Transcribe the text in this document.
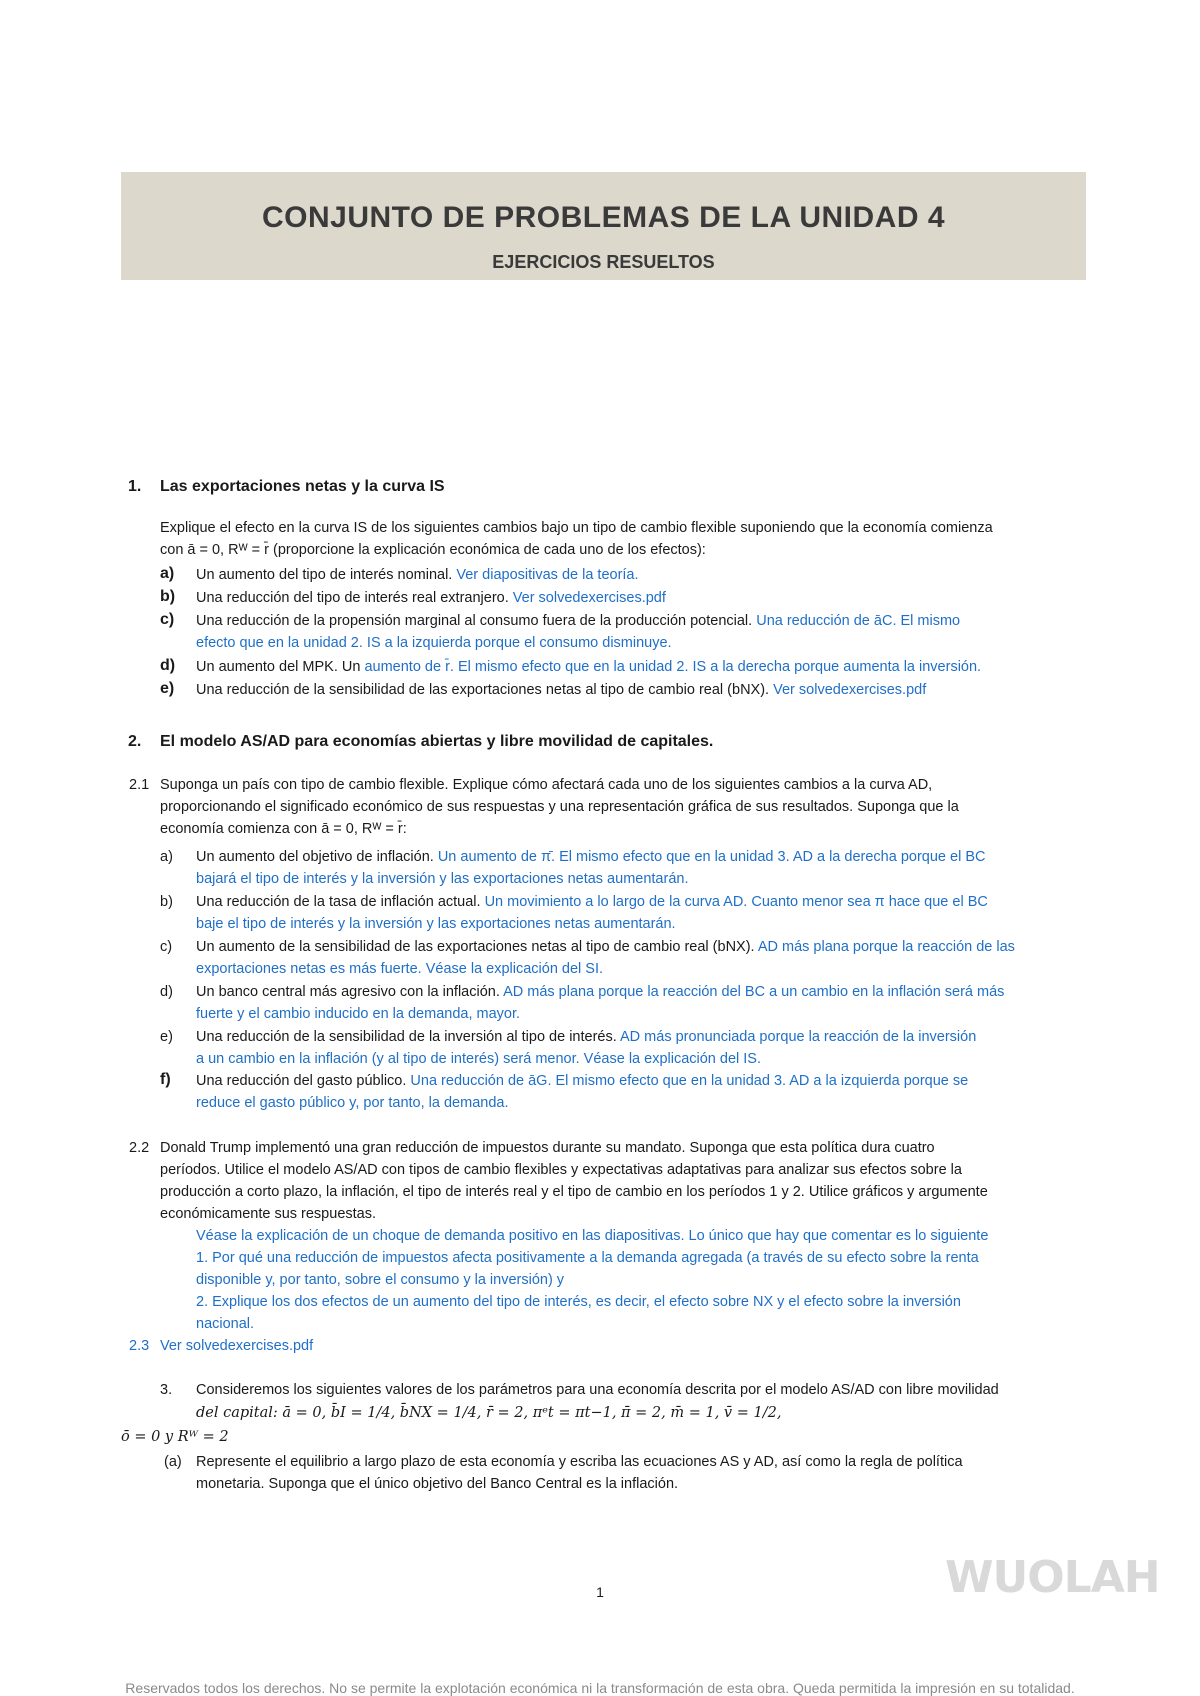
CONJUNTO DE PROBLEMAS DE LA UNIDAD 4
EJERCICIOS RESUELTOS
1. Las exportaciones netas y la curva IS
Explique el efecto en la curva IS de los siguientes cambios bajo un tipo de cambio flexible suponiendo que la economía comienza
con ā = 0, Rᵂ = r̄ (proporcione la explicación económica de cada uno de los efectos):
a) Un aumento del tipo de interés nominal. Ver diapositivas de la teoría.
b) Una reducción del tipo de interés real extranjero. Ver solvedexercises.pdf
c) Una reducción de la propensión marginal al consumo fuera de la producción potencial. Una reducción de āC. El mismo
efecto que en la unidad 2. IS a la izquierda porque el consumo disminuye.
d) Un aumento del MPK. Un aumento de r̄. El mismo efecto que en la unidad 2. IS a la derecha porque aumenta la inversión.
e) Una reducción de la sensibilidad de las exportaciones netas al tipo de cambio real (bNX). Ver solvedexercises.pdf
2. El modelo AS/AD para economías abiertas y libre movilidad de capitales.
2.1 Suponga un país con tipo de cambio flexible. Explique cómo afectará cada uno de los siguientes cambios a la curva AD,
proporcionando el significado económico de sus respuestas y una representación gráfica de sus resultados. Suponga que la
economía comienza con ā = 0, Rᵂ = r̄:
a) Un aumento del objetivo de inflación. Un aumento de π̄. El mismo efecto que en la unidad 3. AD a la derecha porque el BC
bajará el tipo de interés y la inversión y las exportaciones netas aumentarán.
b) Una reducción de la tasa de inflación actual. Un movimiento a lo largo de la curva AD. Cuanto menor sea π hace que el BC
baje el tipo de interés y la inversión y las exportaciones netas aumentarán.
c) Un aumento de la sensibilidad de las exportaciones netas al tipo de cambio real (bNX). AD más plana porque la reacción de las
exportaciones netas es más fuerte. Véase la explicación del SI.
d) Un banco central más agresivo con la inflación. AD más plana porque la reacción del BC a un cambio en la inflación será más
fuerte y el cambio inducido en la demanda, mayor.
e) Una reducción de la sensibilidad de la inversión al tipo de interés. AD más pronunciada porque la reacción de la inversión
a un cambio en la inflación (y al tipo de interés) será menor. Véase la explicación del IS.
f) Una reducción del gasto público. Una reducción de āG. El mismo efecto que en la unidad 3. AD a la izquierda porque se
reduce el gasto público y, por tanto, la demanda.
2.2 Donald Trump implementó una gran reducción de impuestos durante su mandato. Suponga que esta política dura cuatro
períodos. Utilice el modelo AS/AD con tipos de cambio flexibles y expectativas adaptativas para analizar sus efectos sobre la
producción a corto plazo, la inflación, el tipo de interés real y el tipo de cambio en los períodos 1 y 2. Utilice gráficos y argumente
económicamente sus respuestas.
Véase la explicación de un choque de demanda positivo en las diapositivas. Lo único que hay que comentar es lo siguiente
1. Por qué una reducción de impuestos afecta positivamente a la demanda agregada (a través de su efecto sobre la renta
disponible y, por tanto, sobre el consumo y la inversión) y
2. Explique los dos efectos de un aumento del tipo de interés, es decir, el efecto sobre NX y el efecto sobre la inversión
nacional.
2.3 Ver solvedexercises.pdf
3. Consideremos los siguientes valores de los parámetros para una economía descrita por el modelo AS/AD con libre movilidad
del capital: ā = 0, b̄I = 1/4, b̄NX = 1/4, r̄ = 2, πᵉt = πt−1, π̄ = 2, m̄ = 1, v̄ = 1/2,
ō = 0 y Rᵂ = 2
(a) Represente el equilibrio a largo plazo de esta economía y escriba las ecuaciones AS y AD, así como la regla de política
monetaria. Suponga que el único objetivo del Banco Central es la inflación.
WUOLAH
1
Reservados todos los derechos. No se permite la explotación económica ni la transformación de esta obra. Queda permitida la impresión en su totalidad.
